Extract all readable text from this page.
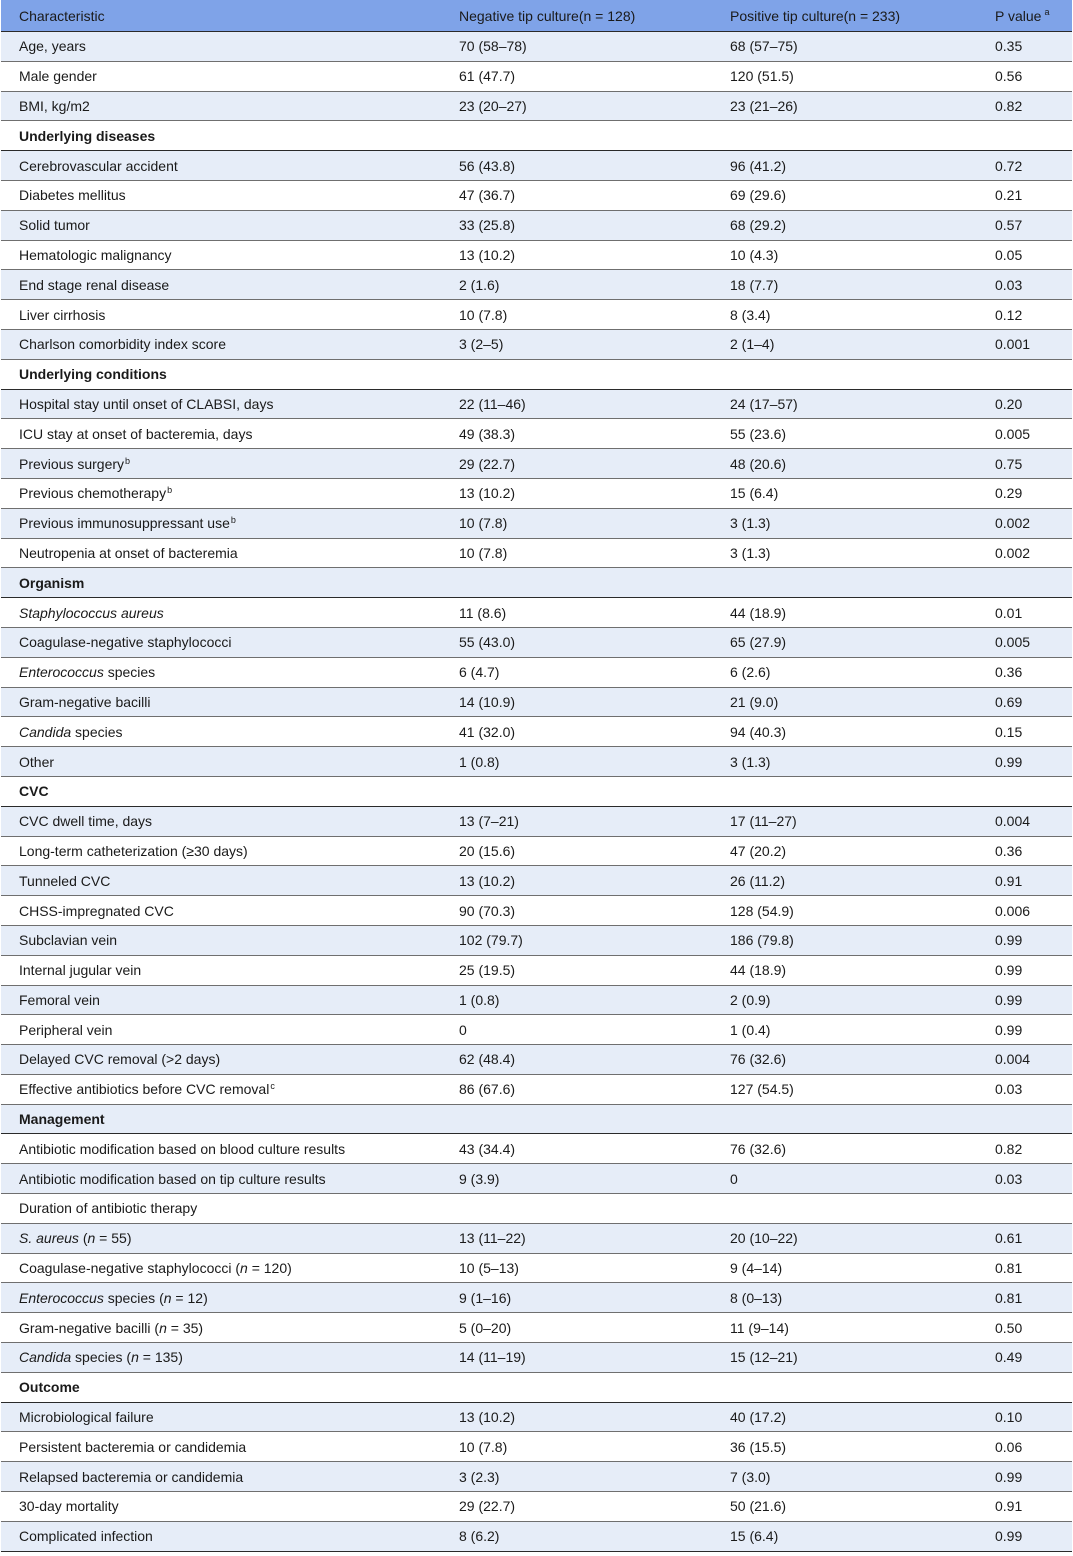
Characteristic	Negative tip culture(n = 128)	Positive tip culture(n = 233)	P value $^a$
Age, years	70 (58–78)	68 (57–75)	0.35
Male gender	61 (47.7)	120 (51.5)	0.56
BMI, kg/m2	23 (20–27)	23 (21–26)	0.82
Underlying diseases			
Cerebrovascular accident	56 (43.8)	96 (41.2)	0.72
Diabetes mellitus	47 (36.7)	69 (29.6)	0.21
Solid tumor	33 (25.8)	68 (29.2)	0.57
Hematologic malignancy	13 (10.2)	10 (4.3)	0.05
End stage renal disease	2 (1.6)	18 (7.7)	0.03
Liver cirrhosis	10 (7.8)	8 (3.4)	0.12
Charlson comorbidity index score	3 (2–5)	2 (1–4)	0.001
Underlying conditions			
Hospital stay until onset of CLABSI, days	22 (11–46)	24 (17–57)	0.20
ICU stay at onset of bacteremia, days	49 (38.3)	55 (23.6)	0.005
Previous surgery$^b$	29 (22.7)	48 (20.6)	0.75
Previous chemotherapy$^b$	13 (10.2)	15 (6.4)	0.29
Previous immunosuppressant use$^b$	10 (7.8)	3 (1.3)	0.002
Neutropenia at onset of bacteremia	10 (7.8)	3 (1.3)	0.002
Organism			
Staphylococcus aureus	11 (8.6)	44 (18.9)	0.01
Coagulase-negative staphylococci	55 (43.0)	65 (27.9)	0.005
Enterococcus species	6 (4.7)	6 (2.6)	0.36
Gram-negative bacilli	14 (10.9)	21 (9.0)	0.69
Candida species	41 (32.0)	94 (40.3)	0.15
Other	1 (0.8)	3 (1.3)	0.99
CVC			
CVC dwell time, days	13 (7–21)	17 (11–27)	0.004
Long-term catheterization (≥30 days)	20 (15.6)	47 (20.2)	0.36
Tunneled CVC	13 (10.2)	26 (11.2)	0.91
CHSS-impregnated CVC	90 (70.3)	128 (54.9)	0.006
Subclavian vein	102 (79.7)	186 (79.8)	0.99
Internal jugular vein	25 (19.5)	44 (18.9)	0.99
Femoral vein	1 (0.8)	2 (0.9)	0.99
Peripheral vein	0	1 (0.4)	0.99
Delayed CVC removal (>2 days)	62 (48.4)	76 (32.6)	0.004
Effective antibiotics before CVC removal$^c$	86 (67.6)	127 (54.5)	0.03
Management			
Antibiotic modification based on blood culture results	43 (34.4)	76 (32.6)	0.82
Antibiotic modification based on tip culture results	9 (3.9)	0	0.03
Duration of antibiotic therapy			
S. aureus (n = 55)	13 (11–22)	20 (10–22)	0.61
Coagulase-negative staphylococci (n = 120)	10 (5–13)	9 (4–14)	0.81
Enterococcus species (n = 12)	9 (1–16)	8 (0–13)	0.81
Gram-negative bacilli (n = 35)	5 (0–20)	11 (9–14)	0.50
Candida species (n = 135)	14 (11–19)	15 (12–21)	0.49
Outcome			
Microbiological failure	13 (10.2)	40 (17.2)	0.10
Persistent bacteremia or candidemia	10 (7.8)	36 (15.5)	0.06
Relapsed bacteremia or candidemia	3 (2.3)	7 (3.0)	0.99
30-day mortality	29 (22.7)	50 (21.6)	0.91
Complicated infection	8 (6.2)	15 (6.4)	0.99
